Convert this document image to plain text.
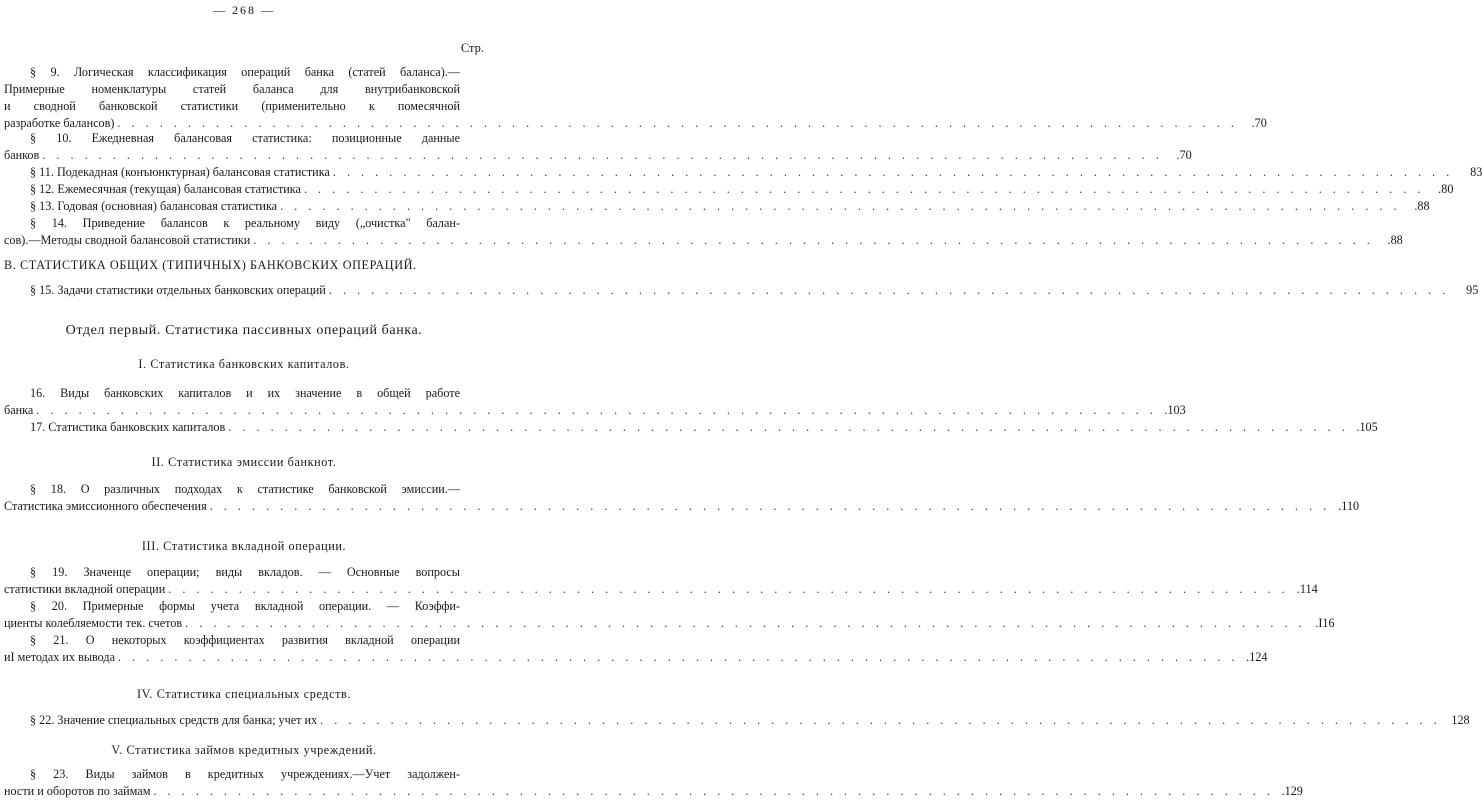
— 268 —
Стр.
§ 9. Логическая классификация операций банка (статей баланса).—
Примерные номенклатуры статей баланса для внутрибанковской
и сводной банковской статистики (применительно к помесячной
разработке балансов) . . .	.70
§ 10. Ежедневная балансовая статистика: позиционные данные
банков . . .	.70
§ 11. Подекадная (конъюнктурная) балансовая статистика . . .	83
§ 12. Ежемесячная (текущая) балансовая статистика . . .	.80
§ 13. Годовая (основная) балансовая статистика . . .	.88
§ 14. Приведение балансов к реальному виду („очистка" балан-
сов).—Методы сводной балансовой статистики . . .	.88
В. СТАТИСТИКА ОБЩИХ (ТИПИЧНЫХ) БАНКОВСКИХ ОПЕРАЦИЙ.
§ 15. Задачи статистики отдельных банковских операций . . .	95
Отдел первый. Статистика пассивных операций банка.
I. Статистика банковских капиталов.
16. Виды банковских капиталов и их значение в общей работе
банка . . .	.103
17. Статистика банковских капиталов . . .	.105
II. Статистика эмиссии банкнот.
§ 18. О различных подходах к статистике банковской эмиссии.—
Статистика эмиссионного обеспечения . . .	.110
III. Статистика вкладной операции.
§ 19. Значенце операции; виды вкладов. — Основные вопросы
статистики вкладной операции . . .	.114
§ 20. Примерные формы учета вкладной операции. — Коэффи-
циенты колебляемости тек. счетов . . .	.I16
§ 21. О некоторых коэффициентах развития вкладной операции
иI методах их вывода . . .	.124
IV. Статистика специальных средств.
§ 22. Значение специальных средств для банка; учет их . . .	128
V. Статистика займов кредитных учреждений.
§ 23. Виды займов в кредитных учреждениях.—Учет задолжен-
ности и оборотов по займам . . .	.129
